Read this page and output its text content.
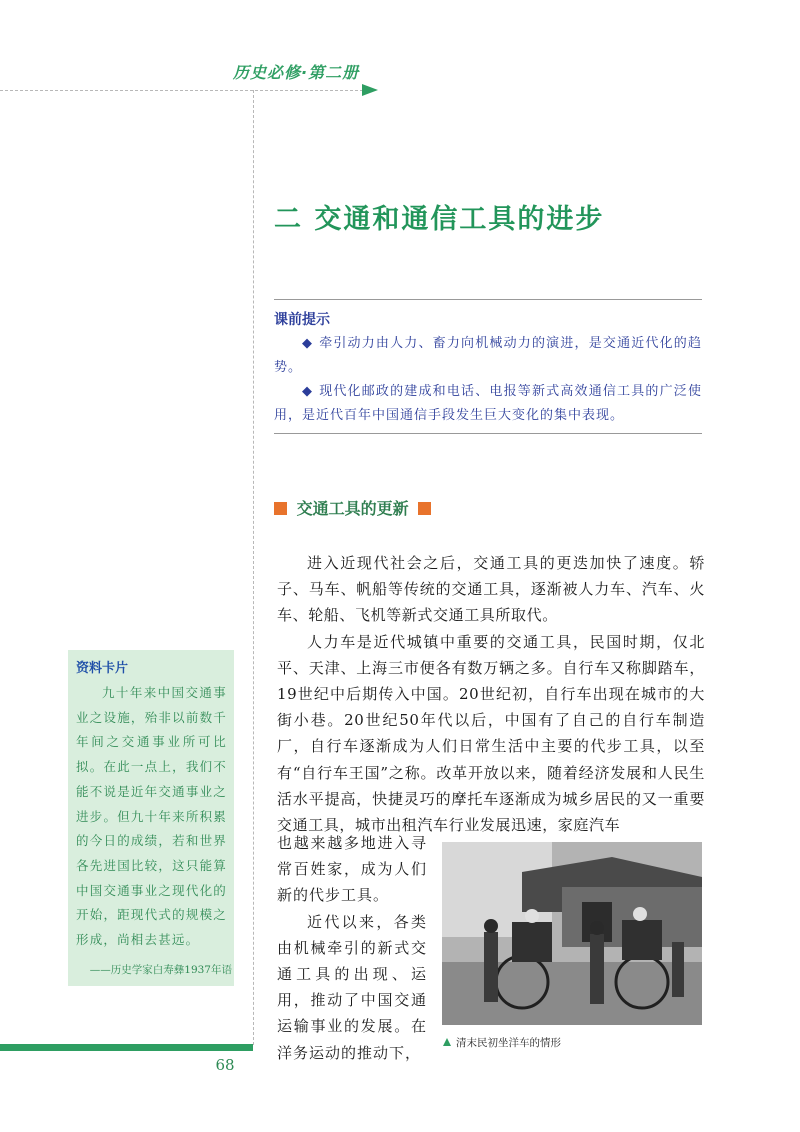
历史必修·第二册
二 交通和通信工具的进步
课前提示
◆ 牵引动力由人力、畜力向机械动力的演进，是交通近代化的趋势。
◆ 现代化邮政的建成和电话、电报等新式高效通信工具的广泛使用，是近代百年中国通信手段发生巨大变化的集中表现。
交通工具的更新

进入近现代社会之后，交通工具的更迭加快了速度。轿子、马车、帆船等传统的交通工具，逐渐被人力车、汽车、火车、轮船、飞机等新式交通工具所取代。

人力车是近代城镇中重要的交通工具，民国时期，仅北平、天津、上海三市便各有数万辆之多。自行车又称脚踏车，19世纪中后期传入中国。20世纪初，自行车出现在城市的大街小巷。20世纪50年代以后，中国有了自己的自行车制造厂，自行车逐渐成为人们日常生活中主要的代步工具，以至有“自行车王国”之称。改革开放以来，随着经济发展和人民生活水平提高，快捷灵巧的摩托车逐渐成为城乡居民的又一重要交通工具，城市出租汽车行业发展迅速，家庭汽车

也越来越多地进入寻常百姓家，成为人们新的代步工具。

近代以来，各类由机械牵引的新式交通工具的出现、运用，推动了中国交通运输事业的发展。在洋务运动的推动下，

清末民初坐洋车的情形
资料卡片
九十年来中国交通事业之设施，殆非以前数千年间之交通事业所可比拟。在此一点上，我们不能不说是近年交通事业之进步。但九十年来所积累的今日的成绩，若和世界各先进国比较，这只能算中国交通事业之现代化的开始，距现代式的规模之形成，尚相去甚远。
——历史学家白寿彝1937年语
68
